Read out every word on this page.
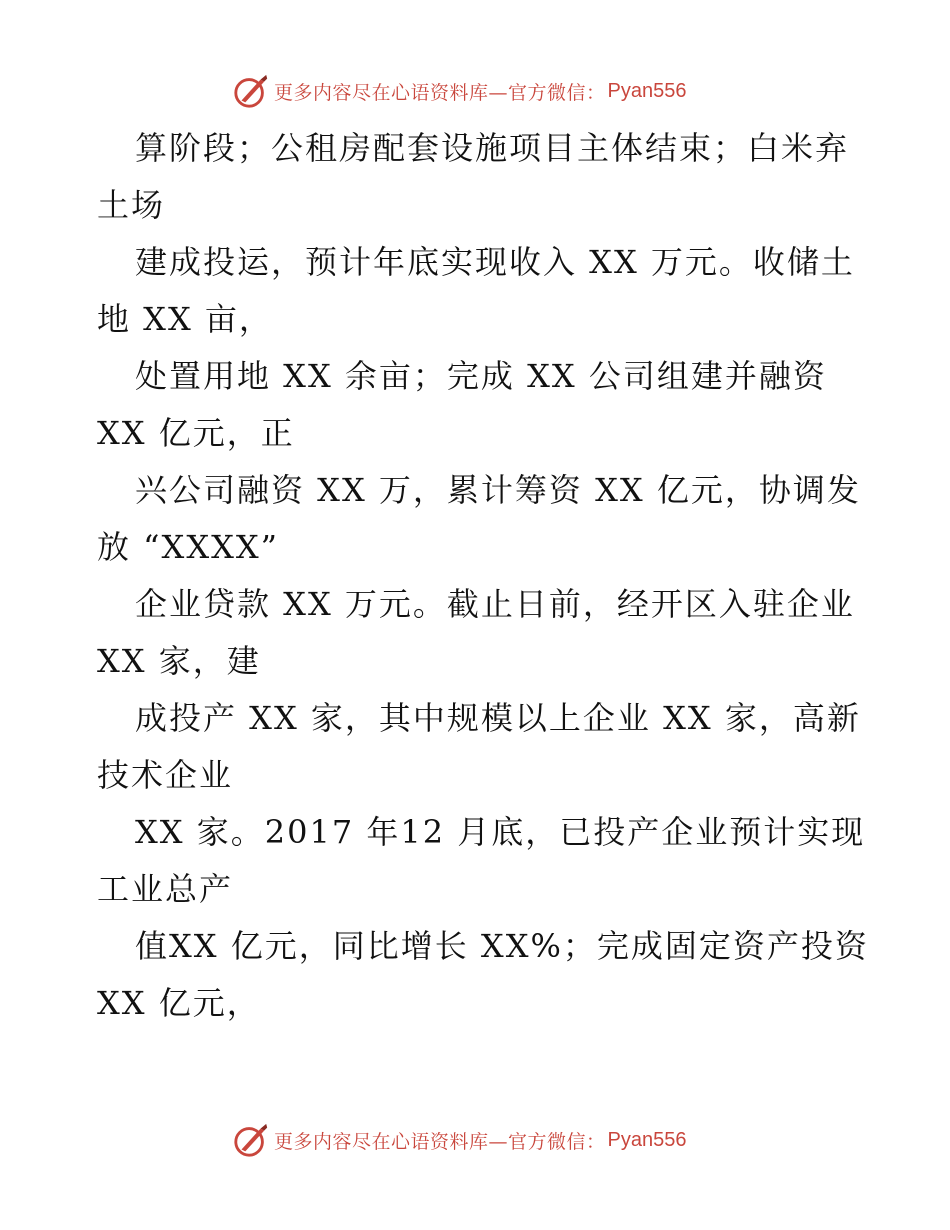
更多内容尽在心语资料库—官方微信： Pyan556
算阶段；公租房配套设施项目主体结束；白米弃
土场
建成投运，预计年底实现收入 XX 万元。收储土
地 XX 亩，
处置用地 XX 余亩；完成 XX 公司组建并融资
XX 亿元，正
兴公司融资 XX 万，累计筹资 XX 亿元，协调发
放 “XXXX”
企业贷款 XX 万元。截止日前，经开区入驻企业
XX 家，建
成投产 XX 家，其中规模以上企业 XX 家，高新
技术企业
XX 家。2017 年12 月底，已投产企业预计实现
工业总产
值XX 亿元，同比增长 XX%；完成固定资产投资
XX 亿元，
更多内容尽在心语资料库—官方微信： Pyan556
